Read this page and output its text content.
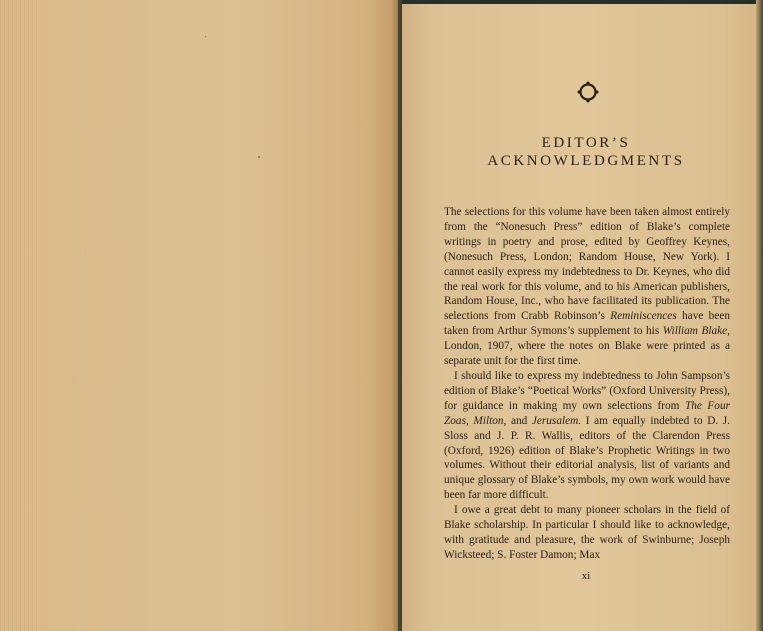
EDITOR’S
ACKNOWLEDGMENTS

The selections for this volume have been taken almost entirely from the “Nonesuch Press” edition of Blake’s complete writings in poetry and prose, edited by Geoffrey Keynes, (Nonesuch Press, London; Random House, New York). I cannot easily express my indebtedness to Dr. Keynes, who did the real work for this volume, and to his American publishers, Random House, Inc., who have facilitated its publication. The selections from Crabb Robinson’s Reminiscences have been taken from Arthur Symons’s supplement to his William Blake, London, 1907, where the notes on Blake were printed as a separate unit for the first time.

I should like to express my indebtedness to John Sampson’s edition of Blake’s “Poetical Works” (Oxford University Press), for guidance in making my own selections from The Four Zoas, Milton, and Jerusalem. I am equally indebted to D. J. Sloss and J. P. R. Wallis, editors of the Clarendon Press (Oxford, 1926) edition of Blake’s Prophetic Writings in two volumes. Without their editorial analysis, list of variants and unique glossary of Blake’s symbols, my own work would have been far more difficult.

I owe a great debt to many pioneer scholars in the field of Blake scholarship. In particular I should like to acknowledge, with gratitude and pleasure, the work of Swinburne; Joseph Wicksteed; S. Foster Damon; Max

xi
